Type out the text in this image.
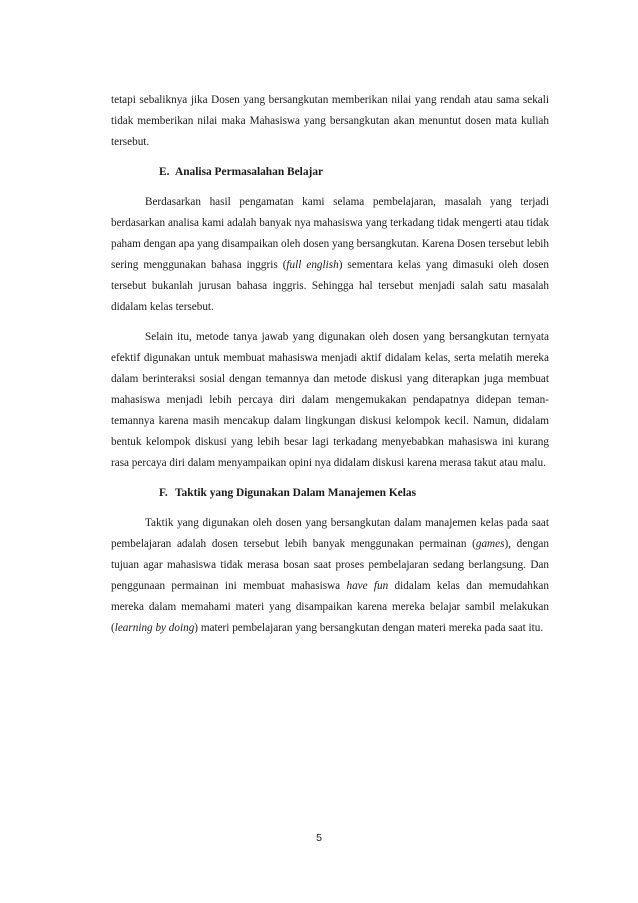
tetapi sebaliknya jika Dosen yang bersangkutan memberikan nilai yang rendah atau sama sekali tidak memberikan nilai maka Mahasiswa yang bersangkutan akan menuntut dosen mata kuliah tersebut.

E. Analisa Permasalahan Belajar

Berdasarkan hasil pengamatan kami selama pembelajaran, masalah yang terjadi berdasarkan analisa kami adalah banyak nya mahasiswa yang terkadang tidak mengerti atau tidak paham dengan apa yang disampaikan oleh dosen yang bersangkutan. Karena Dosen tersebut lebih sering menggunakan bahasa inggris (full english) sementara kelas yang dimasuki oleh dosen tersebut bukanlah jurusan bahasa inggris. Sehingga hal tersebut menjadi salah satu masalah didalam kelas tersebut.

Selain itu, metode tanya jawab yang digunakan oleh dosen yang bersangkutan ternyata efektif digunakan untuk membuat mahasiswa menjadi aktif didalam kelas, serta melatih mereka dalam berinteraksi sosial dengan temannya dan metode diskusi yang diterapkan juga membuat mahasiswa menjadi lebih percaya diri dalam mengemukakan pendapatnya didepan teman-temannya karena masih mencakup dalam lingkungan diskusi kelompok kecil. Namun, didalam bentuk kelompok diskusi yang lebih besar lagi terkadang menyebabkan mahasiswa ini kurang rasa percaya diri dalam menyampaikan opini nya didalam diskusi karena merasa takut atau malu.

F. Taktik yang Digunakan Dalam Manajemen Kelas

Taktik yang digunakan oleh dosen yang bersangkutan dalam manajemen kelas pada saat pembelajaran adalah dosen tersebut lebih banyak menggunakan permainan (games), dengan tujuan agar mahasiswa tidak merasa bosan saat proses pembelajaran sedang berlangsung. Dan penggunaan permainan ini membuat mahasiswa have fun didalam kelas dan memudahkan mereka dalam memahami materi yang disampaikan karena mereka belajar sambil melakukan (learning by doing) materi pembelajaran yang bersangkutan dengan materi mereka pada saat itu.

5
